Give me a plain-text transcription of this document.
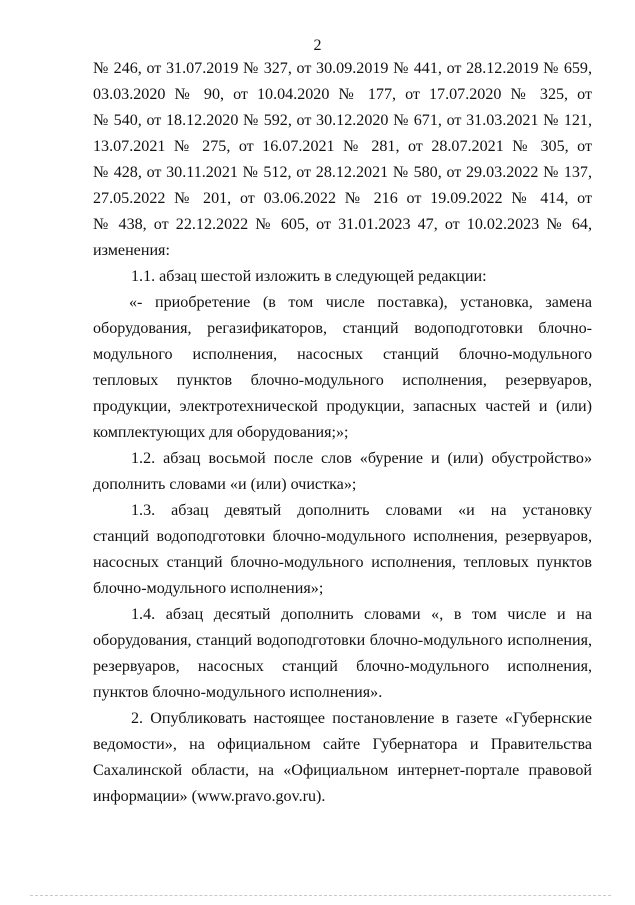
2
№ 246, от 31.07.2019 № 327, от 30.09.2019 № 441, от 28.12.2019 № 659,
03.03.2020 № 90, от 10.04.2020 № 177, от 17.07.2020 № 325, от
№ 540, от 18.12.2020 № 592, от 30.12.2020 № 671, от 31.03.2021 № 121,
13.07.2021 № 275, от 16.07.2021 № 281, от 28.07.2021 № 305, от
№ 428, от 30.11.2021 № 512, от 28.12.2021 № 580, от 29.03.2022 № 137,
27.05.2022 № 201, от 03.06.2022 № 216 от 19.09.2022 № 414, от
№ 438, от 22.12.2022 № 605, от 31.01.2023 47, от 10.02.2023 № 64,
изменения:
1.1. абзац шестой изложить в следующей редакции:
«- приобретение (в том числе поставка), установка, замена
оборудования, регазификаторов, станций водоподготовки блочно-
модульного исполнения, насосных станций блочно-модульного
тепловых пунктов блочно-модульного исполнения, резервуаров,
продукции, электротехнической продукции, запасных частей и (или)
комплектующих для оборудования;»;
1.2. абзац восьмой после слов «бурение и (или) обустройство»
дополнить словами «и (или) очистка»;
1.3. абзац девятый дополнить словами «и на установку
станций водоподготовки блочно-модульного исполнения, резервуаров,
насосных станций блочно-модульного исполнения, тепловых пунктов
блочно-модульного исполнения»;
1.4. абзац десятый дополнить словами «, в том числе и на
оборудования, станций водоподготовки блочно-модульного исполнения,
резервуаров, насосных станций блочно-модульного исполнения,
пунктов блочно-модульного исполнения».
2. Опубликовать настоящее постановление в газете «Губернские
ведомости», на официальном сайте Губернатора и Правительства
Сахалинской области, на «Официальном интернет-портале правовой
информации» (www.pravo.gov.ru).
